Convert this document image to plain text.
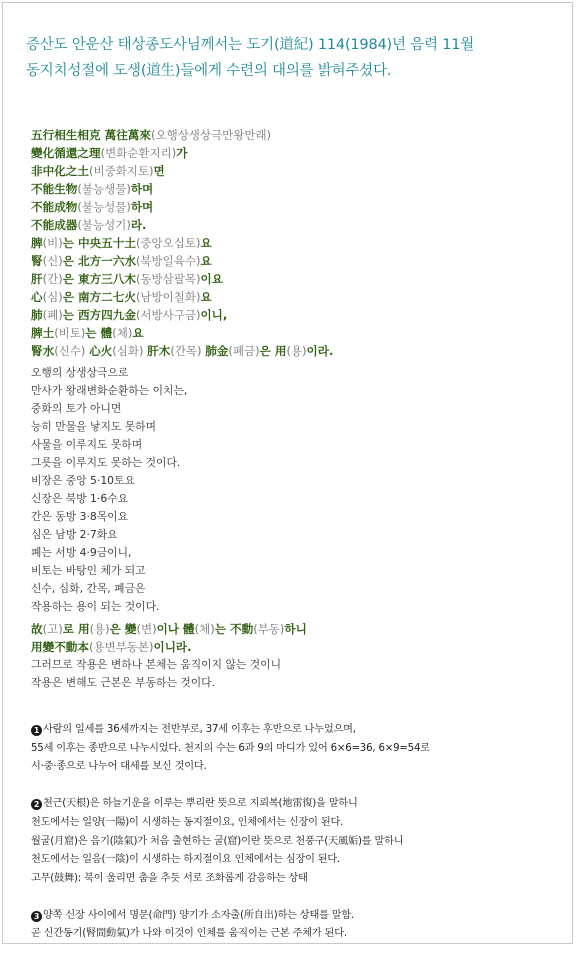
증산도 안운산 태상종도사님께서는 도기(道紀) 114(1984)년 음력 11월
동지치성절에 도생(道生)들에게 수련의 대의를 밝혀주셨다.
五行相生相克 萬往萬來(오행상생상극만왕만래)
變化循還之理(변화순환지리)가
非中化之土(비중화지토)면
不能生物(불능생물)하며
不能成物(불능성물)하며
不能成器(불능성기)라.
脾(비)는 中央五十土(중앙오십토)요
腎(신)은 北方一六水(북방일육수)요
肝(간)은 東方三八木(동방삼팔목)이요
心(심)은 南方二七火(남방이칠화)요
肺(폐)는 西方四九金(서방사구금)이니,
脾土(비토)는 體(체)요
腎水(신수) 心火(심화) 肝木(간목) 肺金(폐금)은 用(용)이라.
오행의 상생상극으로
만사가 왕래변화순환하는 이치는,
중화의 토가 아니면
능히 만물을 낳지도 못하며
사물을 이루지도 못하며
그릇을 이루지도 못하는 것이다.
비장은 중앙 5·10토요
신장은 북방 1·6수요
간은 동방 3·8목이요
심은 남방 2·7화요
폐는 서방 4·9금이니,
비토는 바탕인 체가 되고
신수, 심화, 간목, 폐금은
작용하는 용이 되는 것이다.
故(고)로 用(용)은 變(변)이나 體(체)는 不動(부동)하니
用變不動本(용변부동본)이니라.
그러므로 작용은 변하나 본체는 움직이지 않는 것이니
작용은 변해도 근본은 부동하는 것이다.
1 사람의 일세를 36세까지는 전반부로, 37세 이후는 후반으로 나누었으며,
55세 이후는 종반으로 나누시었다. 천지의 수는 6과 9의 마디가 있어 6×6=36, 6×9=54로
시·중·종으로 나누어 대세를 보신 것이다.
2 천근(天根)은 하늘기운을 이루는 뿌리란 뜻으로 지뢰복(地雷復)을 말하니
천도에서는 일양(一陽)이 시생하는 동지절이요, 인체에서는 신장이 된다.
월굴(月窟)은 음기(陰氣)가 처음 출현하는 굴(窟)이란 뜻으로 천풍구(天風姤)를 말하니
천도에서는 일음(一陰)이 시생하는 하지절이요 인체에서는 심장이 된다.
고무(鼓舞): 북이 울리면 춤을 추듯 서로 조화롭게 감응하는 상태
3 양쪽 신장 사이에서 명문(命門) 양기가 소자출(所自出)하는 상태를 말함.
곧 신간동기(腎間動氣)가 나와 이것이 인체를 움직이는 근본 주체가 된다.
